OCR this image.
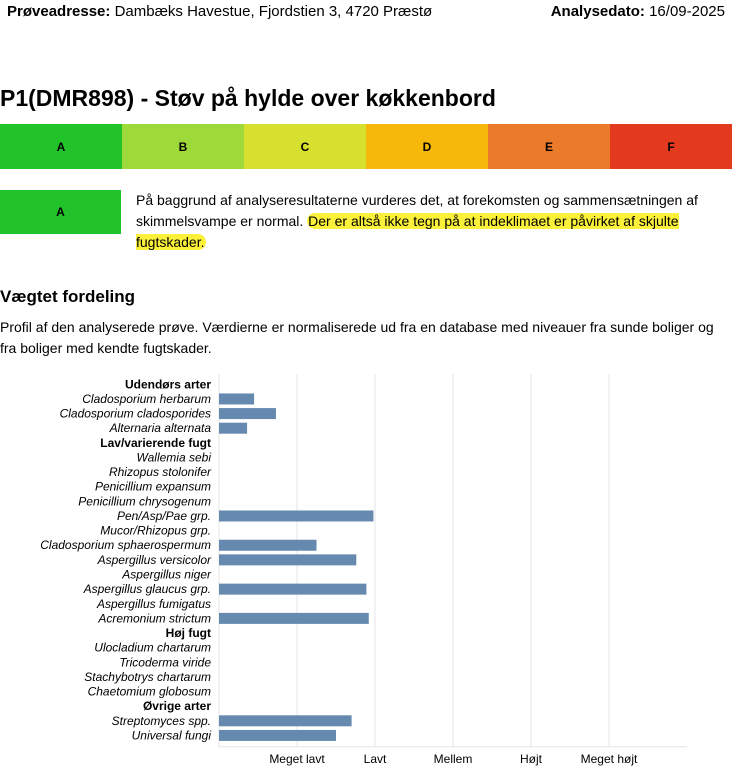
Prøveadresse: Dambæks Havestue, Fjordstien 3, 4720 Præstø	Analysedato: 16/09-2025
P1(DMR898) - Støv på hylde over køkkenbord
A	B	C	D	E	F
A
På baggrund af analyseresultaterne vurderes det, at forekomsten og sammensætningen af skimmelsvampe er normal. Der er altså ikke tegn på at indeklimaet er påvirket af skjulte fugtskader.
Vægtet fordeling
Profil af den analyserede prøve. Værdierne er normaliserede ud fra en database med niveauer fra sunde boliger og fra boliger med kendte fugtskader.
Meget lavt	Lavt	Mellem	Højt	Meget højt
Udendørs arter
Cladosporium herbarum
Cladosporium cladosporides
Alternaria alternata
Lav/varierende fugt
Wallemia sebi
Rhizopus stolonifer
Penicillium expansum
Penicillium chrysogenum
Pen/Asp/Pae grp.
Mucor/Rhizopus grp.
Cladosporium sphaerospermum
Aspergillus versicolor
Aspergillus niger
Aspergillus glaucus grp.
Aspergillus fumigatus
Acremonium strictum
Høj fugt
Ulocladium chartarum
Tricoderma viride
Stachybotrys chartarum
Chaetomium globosum
Øvrige arter
Streptomyces spp.
Universal fungi
